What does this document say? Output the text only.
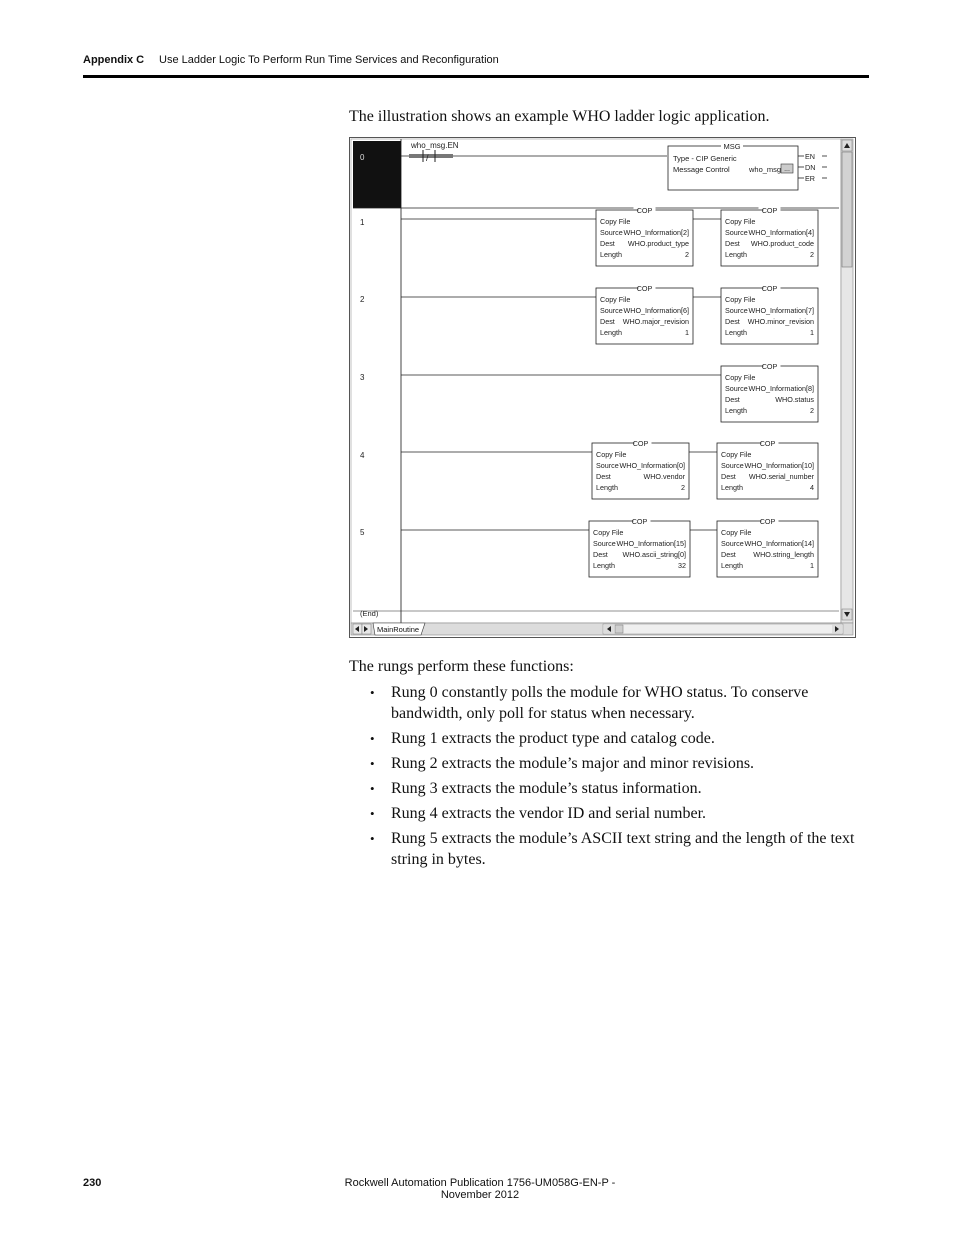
Appendix C Use Ladder Logic To Perform Run Time Services and Reconfiguration
The illustration shows an example WHO ladder logic application.
0
1
2
3
4
5
(End)
who_msg.EN
/
MSG
Type - CIP Generic
Message Control	who_msg ...
EN
DN
ER
COP
Copy File
Source WHO_Information[2]
Dest WHO.product_type
Length	2
COP
Copy File
Source WHO_Information[4]
Dest WHO.product_code
Length	2
COP
Copy File
Source WHO_Information[6]
Dest WHO.major_revision
Length	1
COP
Copy File
Source WHO_Information[7]
Dest WHO.minor_revision
Length	1
COP
Copy File
Source WHO_Information[8]
Dest	WHO.status
Length	2
COP
Copy File
Source WHO_Information[0]
Dest	WHO.vendor
Length	2
COP
Copy File
Source WHO_Information[10]
Dest WHO.serial_number
Length	4
COP
Copy File
Source WHO_Information[15]
Dest WHO.ascii_string[0]
Length	32
COP
Copy File
Source WHO_Information[14]
Dest WHO.string_length
Length	1
MainRoutine
The rungs perform these functions:
• Rung 0 constantly polls the module for WHO status. To conserve bandwidth, only poll for status when necessary.
• Rung 1 extracts the product type and catalog code.
• Rung 2 extracts the module’s major and minor revisions.
• Rung 3 extracts the module’s status information.
• Rung 4 extracts the vendor ID and serial number.
• Rung 5 extracts the module’s ASCII text string and the length of the text string in bytes.
230	Rockwell Automation Publication 1756-UM058G-EN-P - November 2012
